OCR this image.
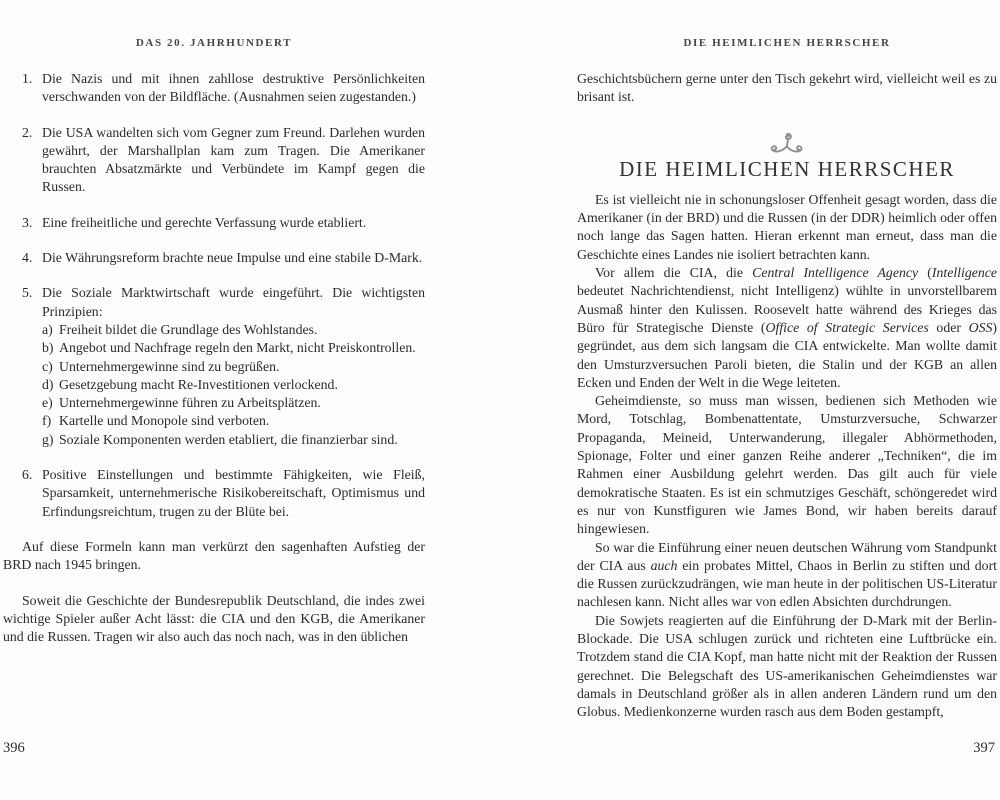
DAS 20. JAHRHUNDERT
1. Die Nazis und mit ihnen zahllose destruktive Persönlichkeiten verschwanden von der Bildfläche. (Ausnahmen seien zugestanden.)
2. Die USA wandelten sich vom Gegner zum Freund. Darlehen wurden gewährt, der Marshallplan kam zum Tragen. Die Amerikaner brauchten Absatzmärkte und Verbündete im Kampf gegen die Russen.
3. Eine freiheitliche und gerechte Verfassung wurde etabliert.
4. Die Währungsreform brachte neue Impulse und eine stabile D-Mark.
5. Die Soziale Marktwirtschaft wurde eingeführt. Die wichtigsten Prinzipien:
a) Freiheit bildet die Grundlage des Wohlstandes.
b) Angebot und Nachfrage regeln den Markt, nicht Preiskontrollen.
c) Unternehmergewinne sind zu begrüßen.
d) Gesetzgebung macht Re-Investitionen verlockend.
e) Unternehmergewinne führen zu Arbeitsplätzen.
f) Kartelle und Monopole sind verboten.
g) Soziale Komponenten werden etabliert, die finanzierbar sind.
6. Positive Einstellungen und bestimmte Fähigkeiten, wie Fleiß, Sparsamkeit, unternehmerische Risikobereitschaft, Optimismus und Erfindungsreichtum, trugen zu der Blüte bei.

Auf diese Formeln kann man verkürzt den sagenhaften Aufstieg der BRD nach 1945 bringen.

Soweit die Geschichte der Bundesrepublik Deutschland, die indes zwei wichtige Spieler außer Acht lässt: die CIA und den KGB, die Amerikaner und die Russen. Tragen wir also auch das noch nach, was in den üblichen

396
DIE HEIMLICHEN HERRSCHER

Geschichtsbüchern gerne unter den Tisch gekehrt wird, vielleicht weil es zu brisant ist.

DIE HEIMLICHEN HERRSCHER

Es ist vielleicht nie in schonungsloser Offenheit gesagt worden, dass die Amerikaner (in der BRD) und die Russen (in der DDR) heimlich oder offen noch lange das Sagen hatten. Hieran erkennt man erneut, dass man die Geschichte eines Landes nie isoliert betrachten kann.

Vor allem die CIA, die Central Intelligence Agency (Intelligence bedeutet Nachrichtendienst, nicht Intelligenz) wühlte in unvorstellbarem Ausmaß hinter den Kulissen. Roosevelt hatte während des Krieges das Büro für Strategische Dienste (Office of Strategic Services oder OSS) gegründet, aus dem sich langsam die CIA entwickelte. Man wollte damit den Umsturzversuchen Paroli bieten, die Stalin und der KGB an allen Ecken und Enden der Welt in die Wege leiteten.

Geheimdienste, so muss man wissen, bedienen sich Methoden wie Mord, Totschlag, Bombenattentate, Umsturzversuche, Schwarzer Propaganda, Meineid, Unterwanderung, illegaler Abhörmethoden, Spionage, Folter und einer ganzen Reihe anderer „Techniken“, die im Rahmen einer Ausbildung gelehrt werden. Das gilt auch für viele demokratische Staaten. Es ist ein schmutziges Geschäft, schöngeredet wird es nur von Kunstfiguren wie James Bond, wir haben bereits darauf hingewiesen.

So war die Einführung einer neuen deutschen Währung vom Standpunkt der CIA aus auch ein probates Mittel, Chaos in Berlin zu stiften und dort die Russen zurückzudrängen, wie man heute in der politischen US-Literatur nachlesen kann. Nicht alles war von edlen Absichten durchdrungen.

Die Sowjets reagierten auf die Einführung der D-Mark mit der Berlin-Blockade. Die USA schlugen zurück und richteten eine Luftbrücke ein. Trotzdem stand die CIA Kopf, man hatte nicht mit der Reaktion der Russen gerechnet. Die Belegschaft des US-amerikanischen Geheimdienstes war damals in Deutschland größer als in allen anderen Ländern rund um den Globus. Medienkonzerne wurden rasch aus dem Boden gestampft,

397
